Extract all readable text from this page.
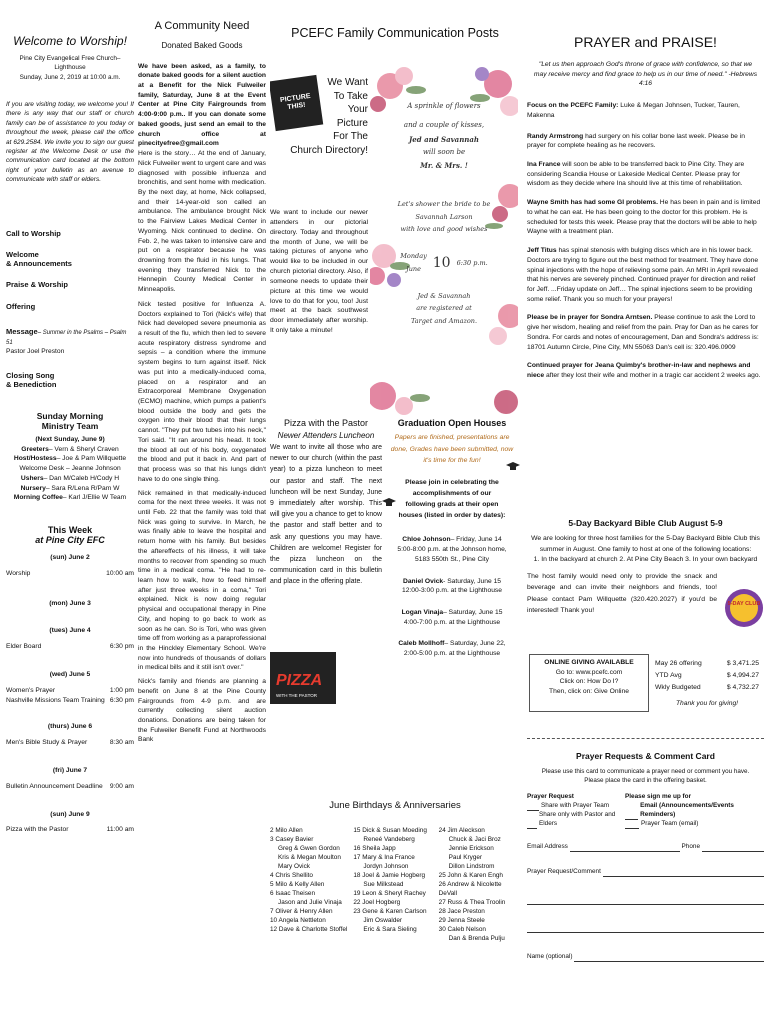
Welcome to Worship!

Pine City Evangelical Free Church– Lighthouse

Sunday, June 2, 2019 at 10:00 a.m.

If you are visiting today, we welcome you! If there is any way that our staff or church family can be of assistance to you today or throughout the week, please call the office at 629.2584. We invite you to sign our guest register at the Welcome Desk or use the communication card located at the bottom right of your bulletin as an avenue to communicate with staff or elders.

Call to Worship

Welcome

& Announcements

Praise & Worship

Offering

Message– Summer in the Psalms – Psalm 51

Pastor Joel Preston

Closing Song

& Benediction

Sunday Morning

Ministry Team

(Next Sunday, June 9)

Greeters– Vern & Sheryl Craven

Host/Hostess– Joe & Pam Willquette

Welcome Desk – Jeanne Johnson

Ushers– Dan M/Caleb H/Cody H

Nursery– Sara R/Lena R/Pam W

Morning Coffee– Karl J/Ellie W Team

This Week

at Pine City EFC

(sun) June 2

Worship	10:00 am

(mon) June 3

(tues) June 4

Elder Board	6:30 pm

(wed) June 5

Women's Prayer	1:00 pm
Nashville Missions Team Training 6:30 pm

(thurs) June 6

Men's Bible Study & Prayer	8:30 am

(fri) June 7

Bulletin Announcement Deadline 9:00 am

(sun) June 9

Pizza with the Pastor	11:00 am

A Community Need

Donated Baked Goods

We have been asked, as a family, to donate baked goods for a silent auction at a Benefit for the Nick Fulweiler family, Saturday, June 8 at the Event Center at Pine City Fairgrounds from 4:00-9:00 p.m.. If you can donate some baked goods, just send an email to the church office at pinecityefree@gmail.com

Here is the story… At the end of January, Nick Fulweiler went to urgent care and was diagnosed with possible influenza and bronchitis, and sent home with medication. By the next day, at home, Nick collapsed, and their 14-year-old son called an ambulance. The ambulance brought Nick to the Fairview Lakes Medical Center in Wyoming. Nick continued to decline. On Feb. 2, he was taken to intensive care and put on a respirator because he was drowning from the fluid in his lungs. That evening they transferred Nick to the Hennepin County Medical Center in Minneapolis.

Nick tested positive for Influenza A. Doctors explained to Tori (Nick's wife) that Nick had developed severe pneumonia as a result of the flu, which then led to severe acute respiratory distress syndrome and sepsis – a condition where the immune system begins to turn against itself. Nick was put into a medically-induced coma, placed on a respirator and an Extracorporeal Membrane Oxygenation (ECMO) machine, which pumps a patient's blood outside the body and gets the oxygen into their blood that their lungs cannot. "They put two tubes into his neck," Tori said. "It ran around his head. It took the blood all out of his body, oxygenated the blood and put it back in. And part of that process was so that his lungs didn't have to do one single thing.

Nick remained in that medically-induced coma for the next three weeks. It was not until Feb. 22 that the family was told that Nick was going to survive. In March, he was finally able to leave the hospital and return home with his family. But besides the aftereffects of his illness, it will take months to recover from spending so much time in a medical coma. "He had to re-learn how to walk, how to feed himself after just three weeks in a coma," Tori explained. Nick is now doing regular physical and occupational therapy in Pine City, and hoping to go back to work as soon as he can. So is Tori, who was given time off from working as a paraprofessional in the Hinckley Elementary School. We're now into hundreds of thousands of dollars in medical bills and it still isn't over."

Nick's family and friends are planning a benefit on June 8 at the Pine County Fairgrounds from 4-9 p.m. and are currently collecting silent auction donations. Donations are being taken for the Fulweiler Benefit Fund at Northwoods Bank

PCEFC Family Communication Posts

PICTURE THIS!
We Want
To Take
Your
Picture
For The
Church Directory!

We want to include our newer attenders in our pictorial directory. Today and throughout the month of June, we will be taking pictures of anyone who would like to be included in our church pictorial directory. Also, if someone needs to update their picture at this time we would love to do that for you, too! Just meet at the back southwest door immediately after worship. It only take a minute!

A sprinkle of flowers
and a couple of kisses,
Jed and Savannah
will soon be
Mr. & Mrs. !
Let's shower the bride to be
Savannah Larson
with love and good wishes
Monday
June 10 6:30 p.m.
Jed & Savannah
are registered at
Target and Amazon.

Pizza with the Pastor

Newer Attenders Luncheon

We want to invite all those who are newer to our church (within the past year) to a pizza luncheon to meet our pastor and staff. The next luncheon will be next Sunday, June 9 immediately after worship. This will give you a chance to get to know the pastor and staff better and to ask any questions you may have. Children are welcome! Register for the pizza luncheon on the communication card in this bulletin and place in the offering plate.

PIZZA
WITH THE PASTOR

Graduation Open Houses

Papers are finished, presentations are done, Grades have been submitted, now it's time for the fun!

Please join in celebrating the accomplishments of our following grads at their open houses (listed in order by dates):

Chloe Johnson– Friday, June 14
5:00-8:00 p.m. at the Johnson home,
5183 550th St., Pine City
Daniel Ovick- Saturday, June 15
12:00-3:00 p.m. at the Lighthouse
Logan Vinaja– Saturday, June 15
4:00-7:00 p.m. at the Lighthouse
Caleb Mollhoff– Saturday, June 22,
2:00-5:00 p.m. at the Lighthouse

June Birthdays & Anniversaries

2 Milo Allen
3 Casey Bavier
Greg & Gwen Gordon
Kris & Megan Moulton
Mary Ovick
4 Chris Shellito
5 Milo & Kelly Allen
6 Isaac Theisen
Jason and Julie Vinaja
7 Oliver & Henry Allen
10 Angela Nettleton
12 Dave & Charlotte Stoffel
15 Dick & Susan Moeding
Reneé Vandeberg
16 Sheila Japp
17 Mary & Ina France
Jordyn Johnson
18 Joel & Jamie Hogberg
Sue Milkstead
19 Leon & Sheryl Rachey
22 Joel Hogberg
23 Gene & Karen Carlson
Jim Oswalder
Eric & Sara Sieling
24 Jim Aleckson
Chuck & Jaci Broz
Jennie Erickson
Paul Kryger
Dillon Lindstrom
25 John & Karen Engh
26 Andrew & Nicolette DeVall
27 Russ & Thea Troolin
28 Jace Preston
29 Jenna Steele
30 Caleb Nelson
Dan & Brenda Pulju

PRAYER and PRAISE!

"Let us then approach God's throne of grace with confidence, so that we may receive mercy and find grace to help us in our time of need." -Hebrews 4:16

Focus on the PCEFC Family: Luke & Megan Johnsen, Tucker, Tauren, Makenna

Randy Armstrong had surgery on his collar bone last week. Please be in prayer for complete healing as he recovers.

Ina France will soon be able to be transferred back to Pine City. They are considering Scandia House or Lakeside Medical Center. Please pray for wisdom as they decide where Ina should live at this time of rehabilitation.

Wayne Smith has had some GI problems. He has been in pain and is limited to what he can eat. He has been going to the doctor for this problem. He is scheduled for tests this week. Please pray that the doctors will be able to help Wayne with a treatment plan.

Jeff Titus has spinal stenosis with bulging discs which are in his lower back. Doctors are trying to figure out the best method for treatment. They have done spinal injections with the hope of relieving some pain. An MRI in April revealed that his nerves are severely pinched. Continued prayer for direction and relief for Jeff. ...Friday update on Jeff… The spinal injections seem to be providing some relief. Thank you so much for your prayers!

Please be in prayer for Sondra Arntsen. Please continue to ask the Lord to give her wisdom, healing and relief from the pain. Pray for Dan as he cares for Sondra. For cards and notes of encouragement, Dan and Sondra's address is: 18701 Autumn Circle, Pine City, MN 55063 Dan's cell is: 320.496.0909

Continued prayer for Jeana Quimby's brother-in-law and nephews and niece after they lost their wife and mother in a tragic car accident 2 weeks ago.

5-Day Backyard Bible Club August 5-9

We are looking for three host families for the 5-Day Backyard Bible Club this summer in August. One family to host at one of the following locations:

1. In the backyard at church 2. At Pine City Beach 3. In your own backyard

The host family would need only to provide the snack and beverage and can invite their neighbors and friends, too! Please contact Pam Willquette (320.420.2027) if you'd be interested! Thank you!

5-DAY CLUB

ONLINE GIVING AVAILABLE

Go to: www.pcefc.com

Click on: How Do I?

Then, click on: Give Online

May 26 offering	$ 3,471.25
YTD Avg	$ 4,994.27
Wkly Budgeted	$ 4,732.27

Thank you for giving!

Prayer Requests & Comment Card

Please use this card to communicate a prayer need or comment you have.

Please place the card in the offering basket.

Prayer Request

Share with Prayer Team
Share only with Pastor and Elders

Please sign me up for

Email (Announcements/Events Reminders)
Prayer Team (email)
Email Address	Phone
Prayer Request/Comment
Name (optional)
